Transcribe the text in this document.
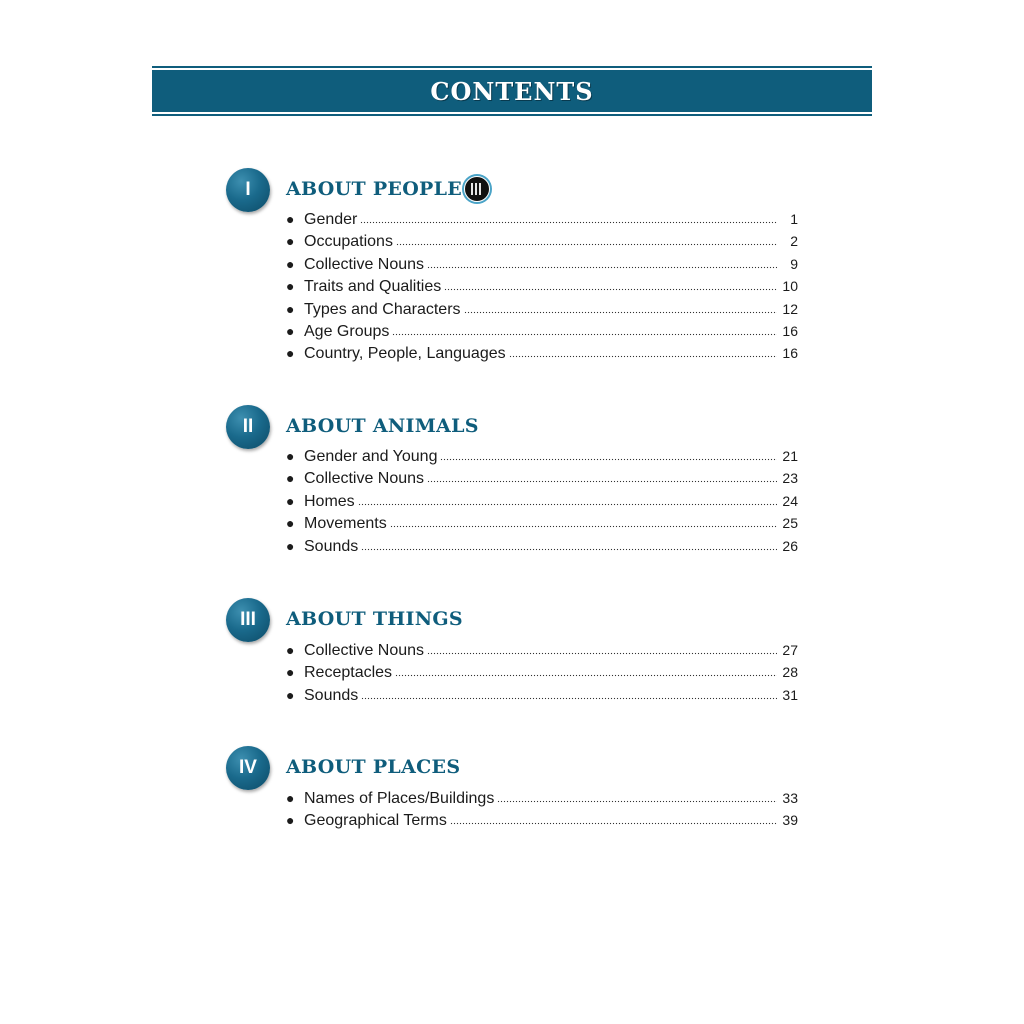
CONTENTS
I ABOUT PEOPLE
● Gender	1
● Occupations	2
● Collective Nouns	9
● Traits and Qualities	10
● Types and Characters	12
● Age Groups	16
● Country, People, Languages	16
II ABOUT ANIMALS
● Gender and Young	21
● Collective Nouns	23
● Homes	24
● Movements	25
● Sounds	26
III ABOUT THINGS
● Collective Nouns	27
● Receptacles	28
● Sounds	31
IV ABOUT PLACES
● Names of Places/Buildings	33
● Geographical Terms	39
